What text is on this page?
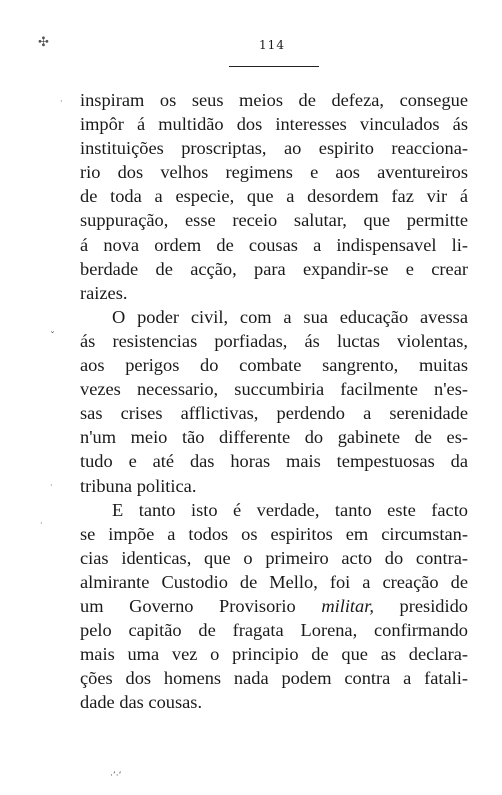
114
inspiram os seus meios de defeza, consegue
impôr á multidão dos interesses vinculados ás
instituições proscriptas, ao espirito reacciona-
rio dos velhos regimens e aos aventureiros
de toda a especie, que a desordem faz vir á
suppuração, esse receio salutar, que permitte
á nova ordem de cousas a indispensavel li-
berdade de acção, para expandir-se e crear
raizes.
O poder civil, com a sua educação avessa
ás resistencias porfiadas, ás luctas violentas,
aos perigos do combate sangrento, muitas
vezes necessario, succumbiria facilmente n'es-
sas crises afflictivas, perdendo a serenidade
n'um meio tão differente do gabinete de es-
tudo e até das horas mais tempestuosas da
tribuna politica.
E tanto isto é verdade, tanto este facto
se impõe a todos os espiritos em circumstan-
cias identicas, que o primeiro acto do contra-
almirante Custodio de Mello, foi a creação de
um Governo Provisorio militar, presidido
pelo capitão de fragata Lorena, confirmando
mais uma vez o principio de que as declara-
ções dos homens nada podem contra a fatali-
dade das cousas.
✣
·
ˇ
·
·
·ʼ·ʻ
